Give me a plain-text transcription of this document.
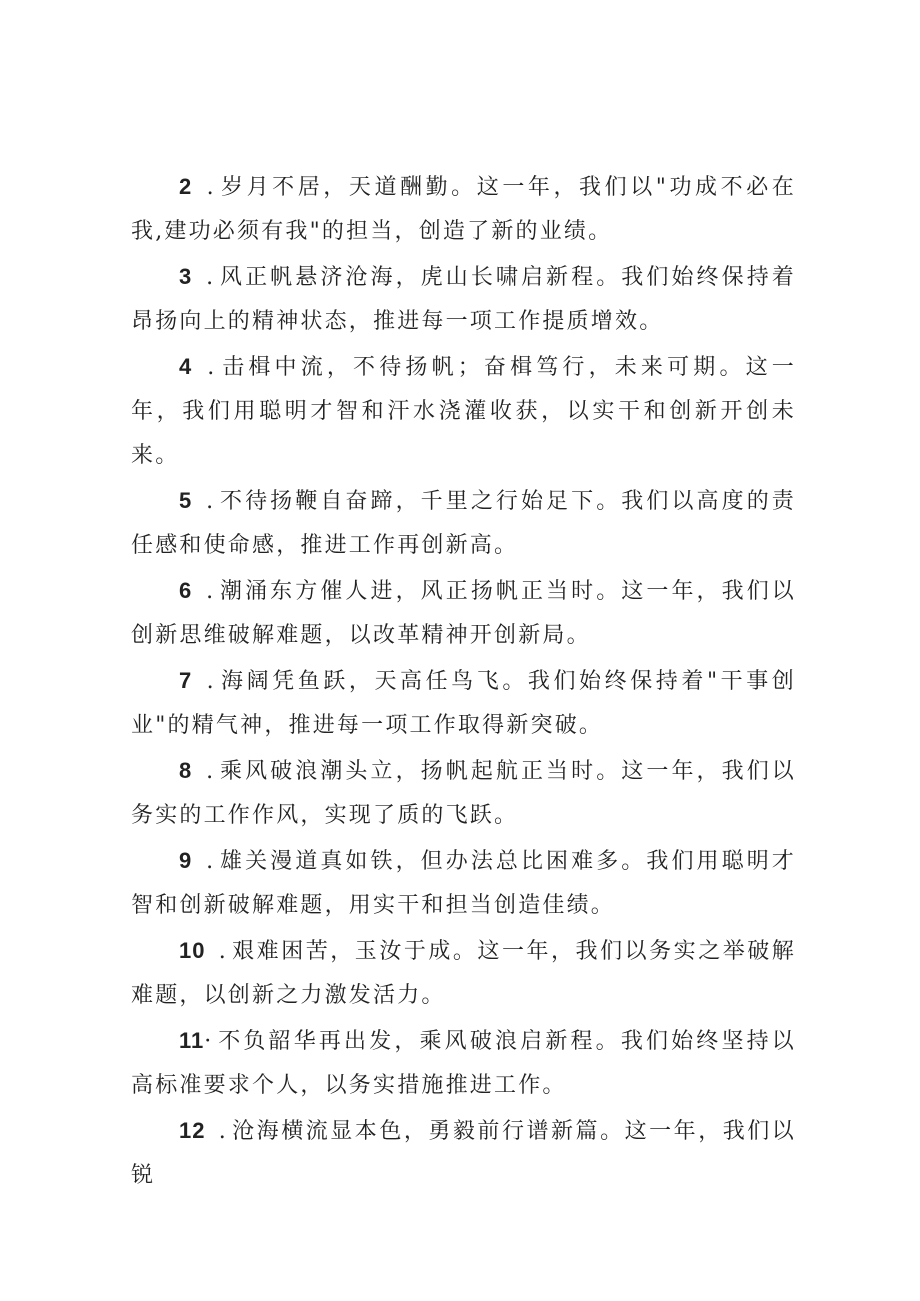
2 .岁月不居，天道酬勤。这一年，我们以"功成不必在我,建功必须有我"的担当，创造了新的业绩。

3 .风正帆悬济沧海，虎山长啸启新程。我们始终保持着昂扬向上的精神状态，推进每一项工作提质增效。

4 .击楫中流，不待扬帆；奋楫笃行，未来可期。这一年，我们用聪明才智和汗水浇灌收获，以实干和创新开创未来。

5 .不待扬鞭自奋蹄，千里之行始足下。我们以高度的责任感和使命感，推进工作再创新高。

6 .潮涌东方催人进，风正扬帆正当时。这一年，我们以创新思维破解难题，以改革精神开创新局。

7 .海阔凭鱼跃，天高任鸟飞。我们始终保持着"干事创业"的精气神，推进每一项工作取得新突破。

8 .乘风破浪潮头立，扬帆起航正当时。这一年，我们以务实的工作作风，实现了质的飞跃。

9 .雄关漫道真如铁，但办法总比困难多。我们用聪明才智和创新破解难题，用实干和担当创造佳绩。

10 .艰难困苦，玉汝于成。这一年，我们以务实之举破解难题，以创新之力激发活力。

11·不负韶华再出发，乘风破浪启新程。我们始终坚持以高标准要求个人，以务实措施推进工作。

12 .沧海横流显本色，勇毅前行谱新篇。这一年，我们以锐
